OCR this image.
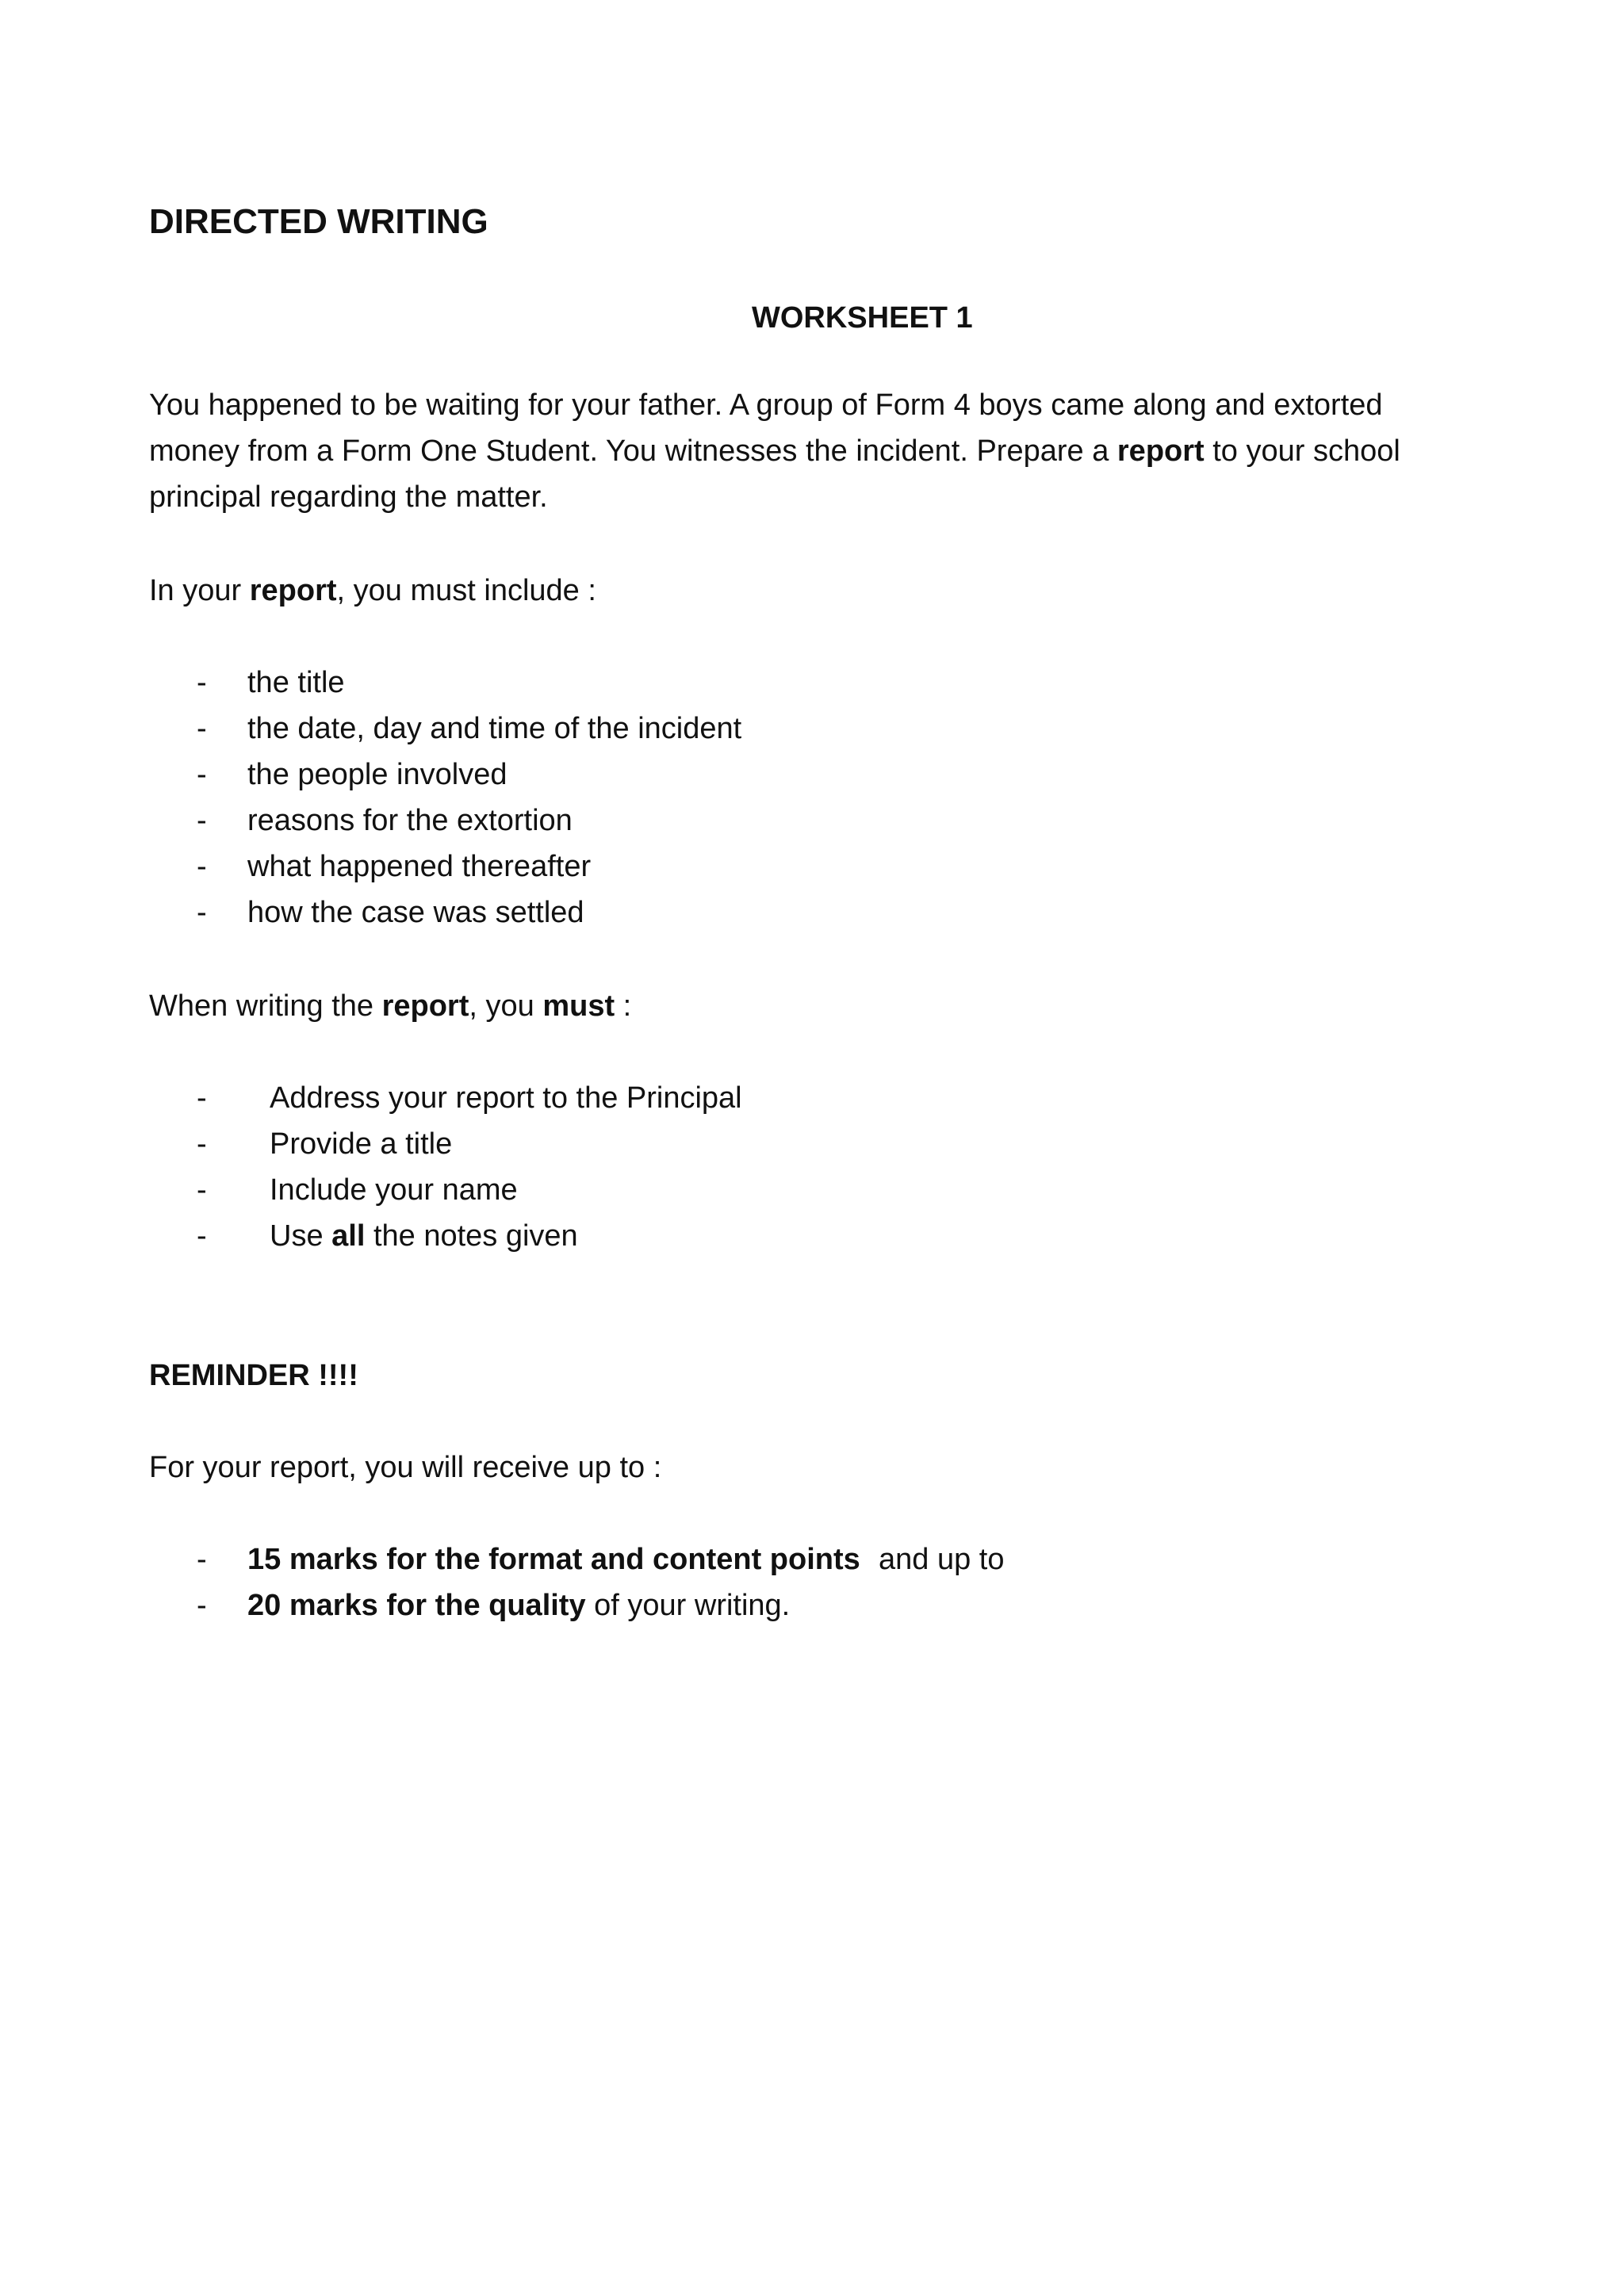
DIRECTED WRITING
WORKSHEET 1

You happened to be waiting for your father. A group of Form 4 boys came along and extorted

money from a Form One Student. You witnesses the incident. Prepare a report to your school

principal regarding the matter.

In your report, you must include :

- the title
- the date, day and time of the incident
- the people involved
- reasons for the extortion
- what happened thereafter
- how the case was settled

When writing the report, you must :

- Address your report to the Principal
- Provide a title
- Include your name
- Use all the notes given
REMINDER !!!!

For your report, you will receive up to :

- 15 marks for the format and content points and up to
- 20 marks for the quality of your writing.
